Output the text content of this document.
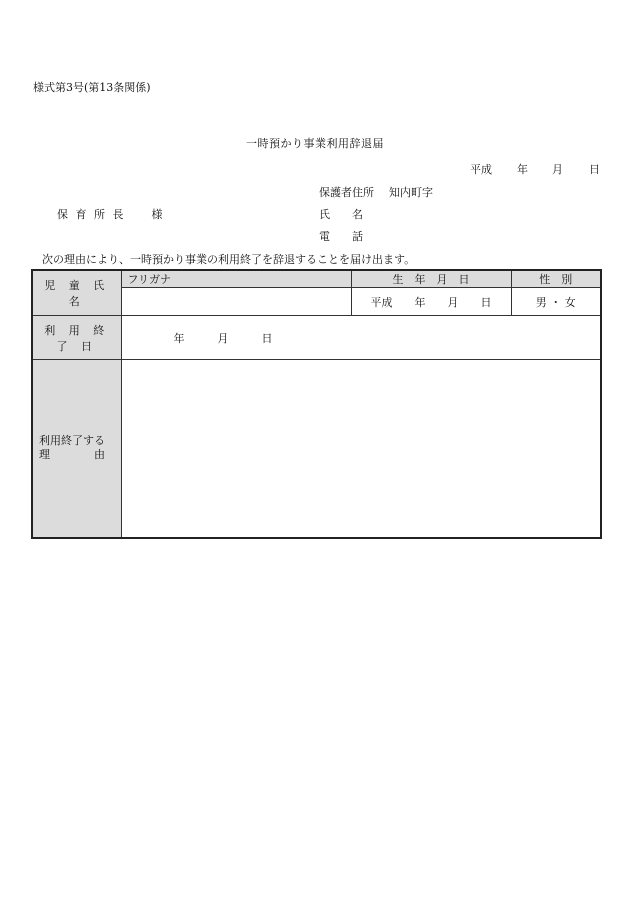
様式第3号(第13条関係)
一時預かり事業利用辞退届
平成 年 月 日
保護者住所 知内町字
保 育 所 長　　様	氏　　名
電　　話
次の理由により、一時預かり事業の利用終了を辞退することを届け出ます。
児 童 氏 名	フリガナ	生　年　月　日	性　別
		平成　　年　　月　　日	男 ・ 女
利 用 終 了 日	年　　　月　　　日		

利用終了する
理　　　　由			
